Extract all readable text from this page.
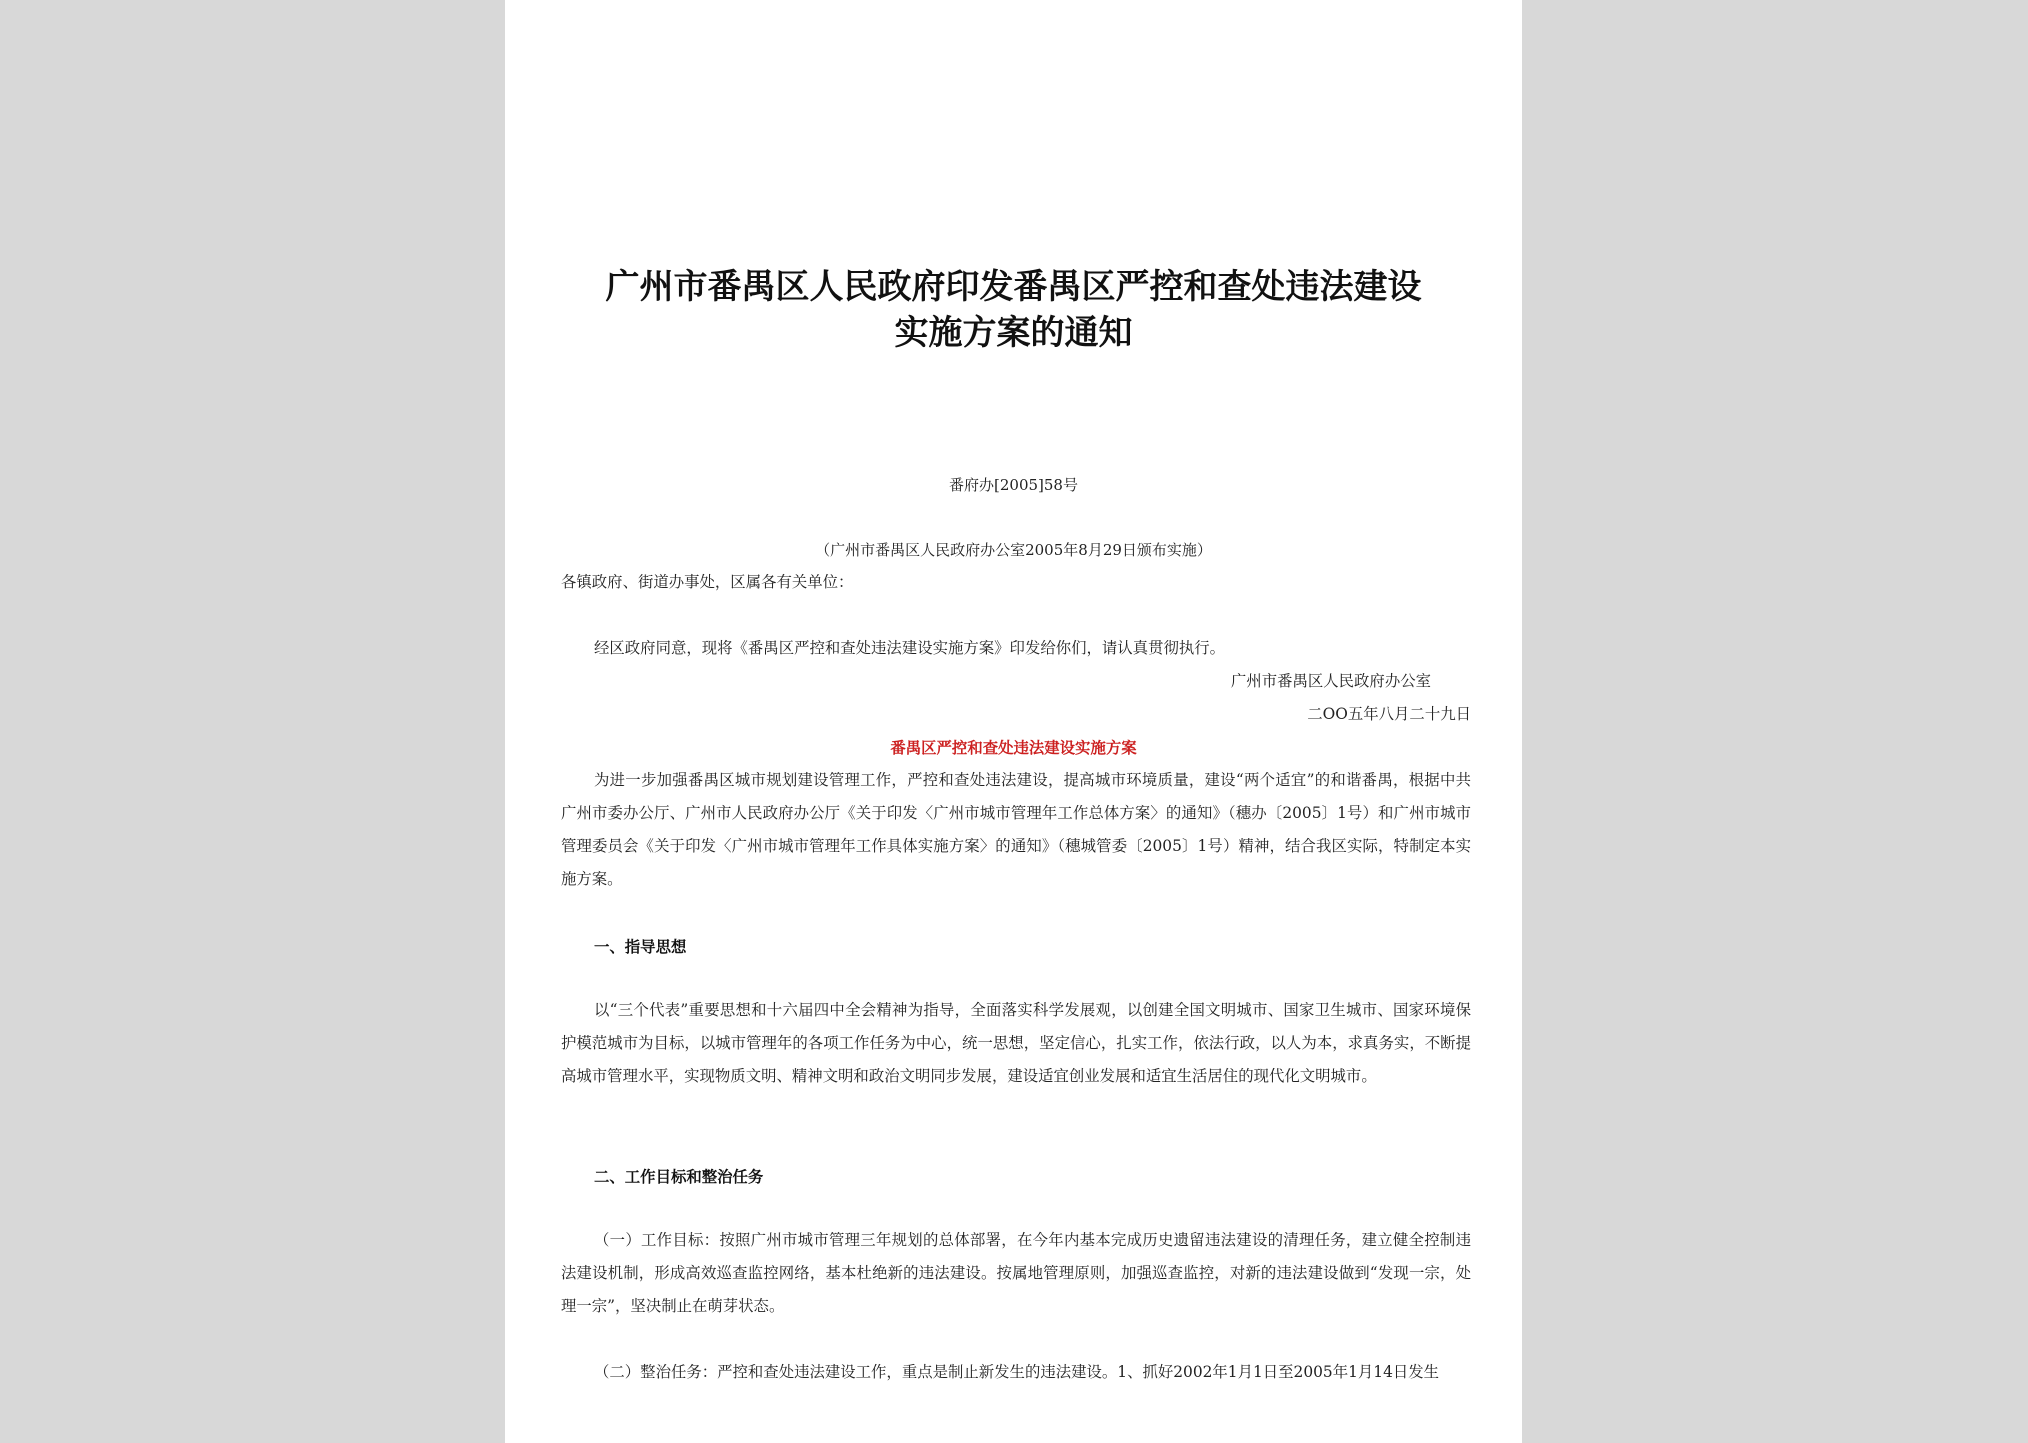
广州市番禺区人民政府印发番禺区严控和查处违法建设
实施方案的通知
番府办[2005]58号
（广州市番禺区人民政府办公室2005年8月29日颁布实施）

各镇政府、街道办事处，区属各有关单位：

经区政府同意，现将《番禺区严控和查处违法建设实施方案》印发给你们，请认真贯彻执行。

广州市番禺区人民政府办公室
二OO五年八月二十九日
番禺区严控和查处违法建设实施方案

为进一步加强番禺区城市规划建设管理工作，严控和查处违法建设，提高城市环境质量，建设“两个适宜”的和谐番禺，根据中共广州市委办公厅、广州市人民政府办公厅《关于印发〈广州市城市管理年工作总体方案〉的通知》（穗办〔2005〕1号）和广州市城市管理委员会《关于印发〈广州市城市管理年工作具体实施方案〉的通知》（穗城管委〔2005〕1号）精神，结合我区实际，特制定本实施方案。

一、指导思想

以“三个代表”重要思想和十六届四中全会精神为指导，全面落实科学发展观，以创建全国文明城市、国家卫生城市、国家环境保护模范城市为目标，以城市管理年的各项工作任务为中心，统一思想，坚定信心，扎实工作，依法行政，以人为本，求真务实，不断提高城市管理水平，实现物质文明、精神文明和政治文明同步发展，建设适宜创业发展和适宜生活居住的现代化文明城市。

二、工作目标和整治任务

（一）工作目标：按照广州市城市管理三年规划的总体部署，在今年内基本完成历史遗留违法建设的清理任务，建立健全控制违法建设机制，形成高效巡查监控网络，基本杜绝新的违法建设。按属地管理原则，加强巡查监控，对新的违法建设做到“发现一宗，处理一宗”，坚决制止在萌芽状态。

（二）整治任务：严控和查处违法建设工作，重点是制止新发生的违法建设。1、抓好2002年1月1日至2005年1月14日发生
